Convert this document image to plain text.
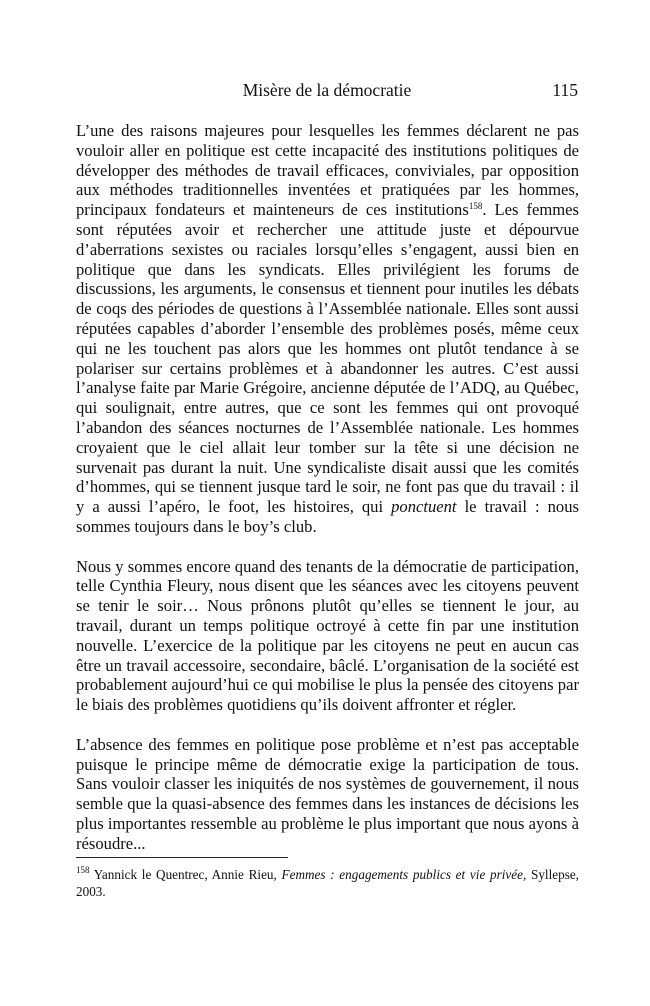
Misère de la démocratie	115

L’une des raisons majeures pour lesquelles les femmes déclarent ne pas vouloir aller en politique est cette incapacité des institutions politiques de développer des méthodes de travail efficaces, conviviales, par opposition aux méthodes traditionnelles inventées et pratiquées par les hommes, principaux fondateurs et mainteneurs de ces institutions$^{158}$. Les femmes sont réputées avoir et rechercher une attitude juste et dépourvue d’aberrations sexistes ou raciales lorsqu’elles s’engagent, aussi bien en politique que dans les syndicats. Elles privilégient les forums de discussions, les arguments, le consensus et tiennent pour inutiles les débats de coqs des périodes de questions à l’Assemblée nationale. Elles sont aussi réputées capables d’aborder l’ensemble des problèmes posés, même ceux qui ne les touchent pas alors que les hommes ont plutôt tendance à se polariser sur certains problèmes et à abandonner les autres. C’est aussi l’analyse faite par Marie Grégoire, ancienne députée de l’ADQ, au Québec, qui soulignait, entre autres, que ce sont les femmes qui ont provoqué l’abandon des séances nocturnes de l’Assemblée nationale. Les hommes croyaient que le ciel allait leur tomber sur la tête si une décision ne survenait pas durant la nuit. Une syndicaliste disait aussi que les comités d’hommes, qui se tiennent jusque tard le soir, ne font pas que du travail : il y a aussi l’apéro, le foot, les histoires, qui ponctuent le travail : nous sommes toujours dans le boy’s club.

Nous y sommes encore quand des tenants de la démocratie de participation, telle Cynthia Fleury, nous disent que les séances avec les citoyens peuvent se tenir le soir… Nous prônons plutôt qu’elles se tiennent le jour, au travail, durant un temps politique octroyé à cette fin par une institution nouvelle. L’exercice de la politique par les citoyens ne peut en aucun cas être un travail accessoire, secondaire, bâclé. L’organisation de la société est probablement aujourd’hui ce qui mobilise le plus la pensée des citoyens par le biais des problèmes quotidiens qu’ils doivent affronter et régler.

L’absence des femmes en politique pose problème et n’est pas acceptable puisque le principe même de démocratie exige la participation de tous. Sans vouloir classer les iniquités de nos systèmes de gouvernement, il nous semble que la quasi-absence des femmes dans les instances de décisions les plus importantes ressemble au problème le plus important que nous ayons à résoudre...

$^{158}$ Yannick le Quentrec, Annie Rieu, Femmes : engagements publics et vie privée, Syllepse, 2003.
